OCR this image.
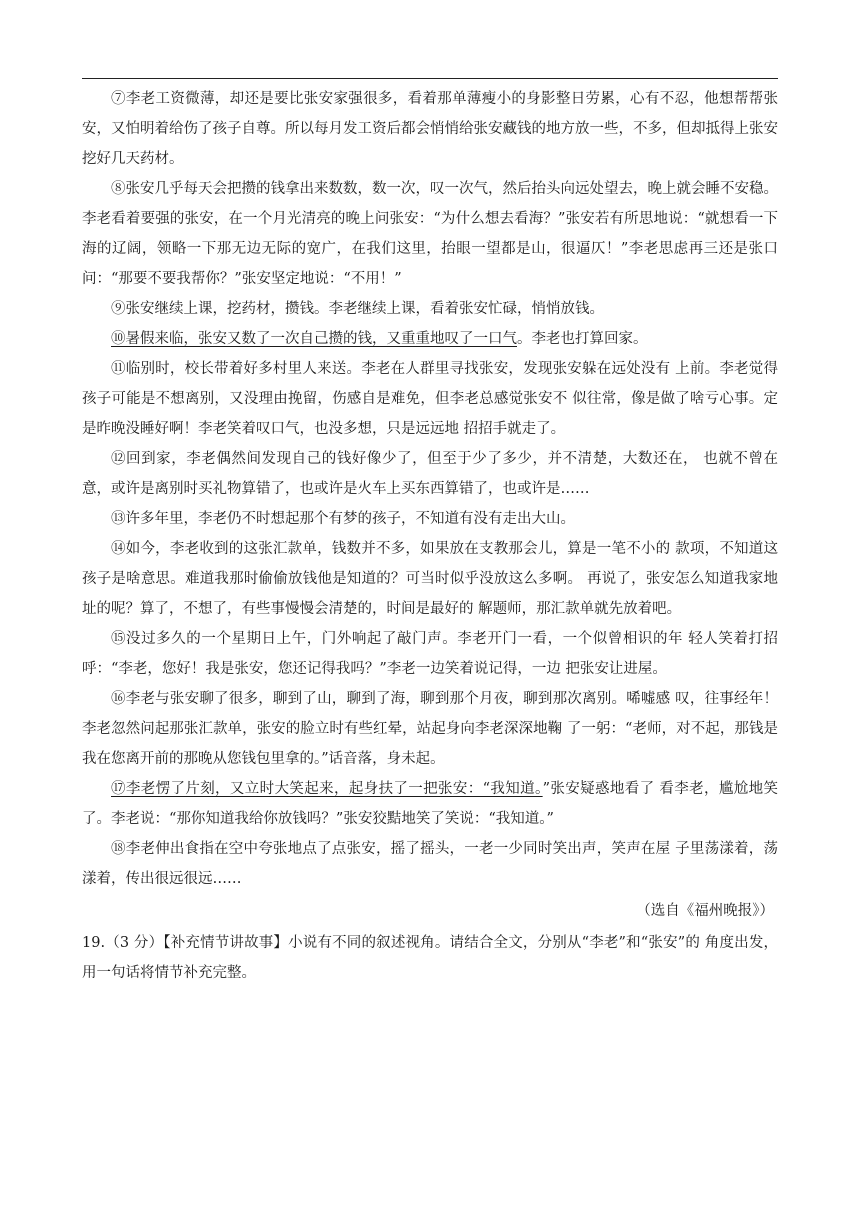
⑦李老工资微薄，却还是要比张安家强很多，看着那单薄瘦小的身影整日劳累，心有不忍，他想帮帮张安，又怕明着给伤了孩子自尊。所以每月发工资后都会悄悄给张安藏钱的地方放一些，不多，但却抵得上张安挖好几天药材。

⑧张安几乎每天会把攒的钱拿出来数数，数一次，叹一次气，然后抬头向远处望去，晚上就会睡不安稳。李老看着要强的张安，在一个月光清亮的晚上问张安：“为什么想去看海？”张安若有所思地说：“就想看一下海的辽阔，领略一下那无边无际的宽广，在我们这里，抬眼一望都是山，很逼仄！”李老思虑再三还是张口问：“那要不要我帮你？”张安坚定地说：“不用！”

⑨张安继续上课，挖药材，攒钱。李老继续上课，看着张安忙碌，悄悄放钱。

⑩暑假来临，张安又数了一次自己攒的钱，又重重地叹了一口气。李老也打算回家。

⑪临别时，校长带着好多村里人来送。李老在人群里寻找张安，发现张安躲在远处没有 上前。李老觉得孩子可能是不想离别，又没理由挽留，伤感自是难免，但李老总感觉张安不 似往常，像是做了啥亏心事。定是昨晚没睡好啊！李老笑着叹口气，也没多想，只是远远地 招招手就走了。

⑫回到家，李老偶然间发现自己的钱好像少了，但至于少了多少，并不清楚，大数还在， 也就不曾在意，或许是离别时买礼物算错了，也或许是火车上买东西算错了，也或许是……

⑬许多年里，李老仍不时想起那个有梦的孩子，不知道有没有走出大山。

⑭如今，李老收到的这张汇款单，钱数并不多，如果放在支教那会儿，算是一笔不小的 款项，不知道这孩子是啥意思。难道我那时偷偷放钱他是知道的？可当时似乎没放这么多啊。 再说了，张安怎么知道我家地址的呢？算了，不想了，有些事慢慢会清楚的，时间是最好的 解题师，那汇款单就先放着吧。

⑮没过多久的一个星期日上午，门外响起了敲门声。李老开门一看，一个似曾相识的年 轻人笑着打招呼：“李老，您好！我是张安，您还记得我吗？”李老一边笑着说记得，一边 把张安让进屋。

⑯李老与张安聊了很多，聊到了山，聊到了海，聊到那个月夜，聊到那次离别。唏嘘感 叹，往事经年！李老忽然问起那张汇款单，张安的脸立时有些红晕，站起身向李老深深地鞠 了一躬：“老师，对不起，那钱是我在您离开前的那晚从您钱包里拿的。”话音落，身未起。

⑰李老愣了片刻，又立时大笑起来，起身扶了一把张安：“我知道。”张安疑惑地看了 看李老，尴尬地笑了。李老说：“那你知道我给你放钱吗？”张安狡黠地笑了笑说：“我知道。”

⑱李老伸出食指在空中夸张地点了点张安，摇了摇头，一老一少同时笑出声，笑声在屋 子里荡漾着，荡漾着，传出很远很远……

（选自《福州晚报》）

19.（3 分）【补充情节讲故事】小说有不同的叙述视角。请结合全文，分别从“李老”和“张安”的 角度出发，用一句话将情节补充完整。
